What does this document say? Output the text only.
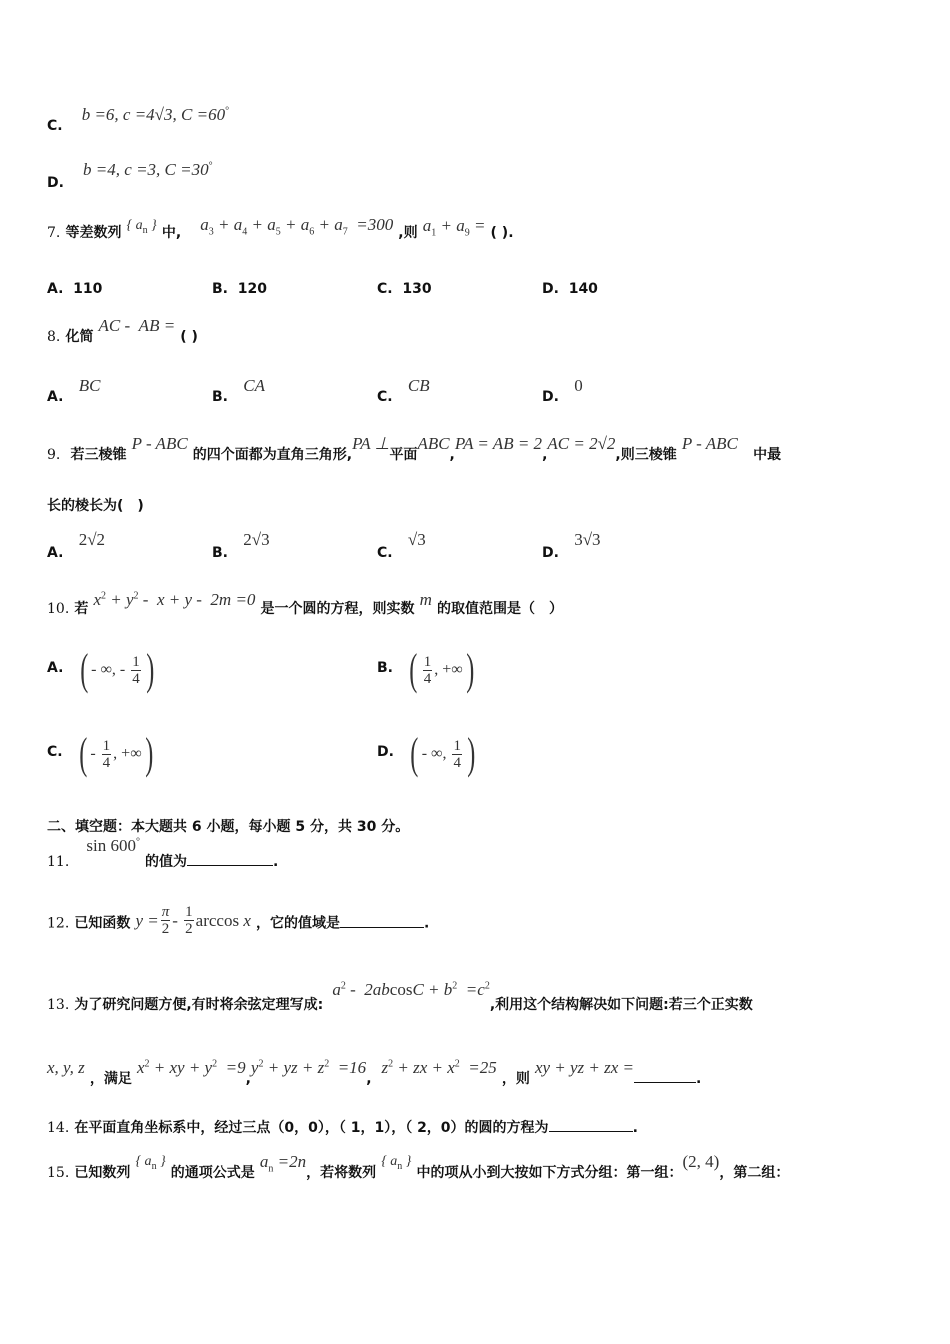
C. b =6, c =4√3, C =60°
D. b =4, c =3, C =30°
7. 等差数列 { $a_n$ } 中, $a_3 + a_4 + a_5 + a_6 + a_7 =300$ ,则 $a_1 + a_9$ = ( ).
A. 110	B. 120	C. 130	D. 140
8. 化简 AC -  AB = ( )
A.   BC
B.   CA
C.   CB
D.   0
9. 若三棱锥 P - ABC 的四个面都为直角三角形,PA ⊥平面ABC,PA = AB = 2,AC = 2√2,则三棱锥 P - ABC   中最
长的棱长为(　)
A.   2√2
B.   2√3
C.   √3
D.   3√3
10. 若 $x^2 + y^2 - x + y - 2m =0$ 是一个圆的方程，则实数 m 的取值范围是（　）
A. ( - ∞, - $\frac{1}{4}$ )	B. ( $\frac{1}{4}$ , +∞ )
C. ( - $\frac{1}{4}$ , +∞ )	D. ( - ∞, $\frac{1}{4}$ )
二、填空题：本大题共 6 小题，每小题 5 分，共 30 分。
11. sin 600° 的值为	.
12. 已知函数 $y = \frac{\pi}{2} - \frac{1}{2}$ arccos x ，它的值域是	.
13. 为了研究问题方便,有时将余弦定理写成: $a^2 - 2abcosC + b^2 =c^2$,利用这个结构解决如下问题:若三个正实数
x, y, z ，满足 $x^2$ + xy + $y^2 =9,y^2$ + yz + $z^2 =16$,  $z^2$ + zx + $x^2 =25$ ，则 xy + yz + zx =.
14. 在平面直角坐标系中，经过三点（0，0），（ 1，1），（ 2，0）的圆的方程为	.
15. 已知数列 { $a_n$ } 的通项公式是 $a_n =2n$，若将数列 { $a_n$ } 中的项从小到大按如下方式分组：第一组：(2, 4)，第二组：
